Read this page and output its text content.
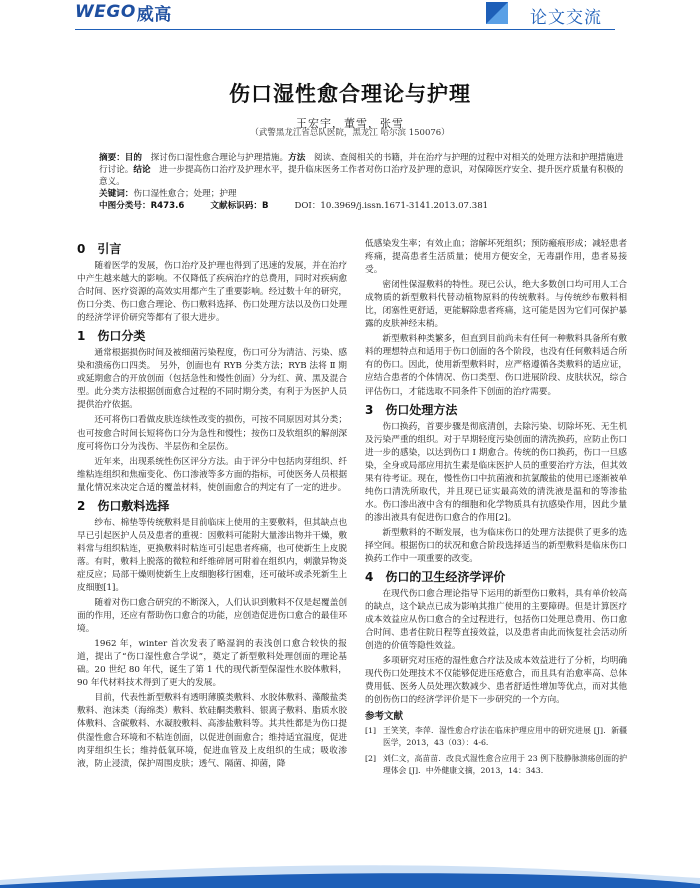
WEGO 威高	论文交流
伤口湿性愈合理论与护理
王宏宇，董雪，张雪
（武警黑龙江省总队医院，黑龙江 哈尔滨 150076）
摘要：目的　 探讨伤口湿性愈合理论与护理措施。方法　 阅读、查阅相关的书籍，并在治疗与护理的过程中对相关的处理方法和护理措施进行讨论。结论　 进一步提高伤口治疗及护理水平，提升临床医务工作者对伤口治疗及护理的意识，对保障医疗安全、提升医疗质量有积极的意义。
关键词：伤口湿性愈合；处理；护理
中图分类号：R473.6	文献标识码：B	DOI：10.3969/j.issn.1671-3141.2013.07.381
0　引言

随着医学的发展，伤口治疗及护理也得到了迅速的发展，并在治疗中产生越来越大的影响。不仅降低了疾病治疗的总费用，同时对疾病愈合时间、医疗资源的高效实用都产生了重要影响。经过数十年的研究，伤口分类、伤口愈合理论、伤口敷料选择、伤口处理方法以及伤口处理的经济学评价研究等都有了很大进步。

1　伤口分类

通常根据损伤时间及被细菌污染程度，伤口可分为清洁、污染、感染和溃疡伤口四类。　另外，创面也有 RYB 分类方法；RYB 法将 Ⅱ 期或延期愈合的开放创面（包括急性和慢性创面）分为红、黄、黑及混合型。此分类方法根据创面愈合过程的不同时期分类，有利于为医护人员提供治疗依据。

还可将伤口看做皮肤连续性改变的损伤，可按不同原因对其分类；也可按愈合时间长短将伤口分为急性和慢性；按伤口及软组织的解剖深度可将伤口分为浅伤、半层伤和全层伤。

近年来，出现系统性伤区评分方法。由于评分中包括肉芽组织、纤维粘连组织和焦痂变化、伤口渗液等多方面的指标，可使医务人员根据量化情况来决定合适的覆盖材料，使创面愈合的判定有了一定的进步。

2　伤口敷料选择

纱布、棉垫等传统敷料是目前临床上使用的主要敷料，但其缺点也早已引起医护人员及患者的重视：因敷料可能附大量渗出物并干燥，敷料常与组织粘连，更换敷料时粘连可引起患者疼痛，也可使新生上皮脱落。有时，敷料上脱落的微粒和纤维碎屑可附着在组织内，刺激异物炎症反应；局部干燥则使新生上皮细胞移行困难，还可破坏或杀死新生上皮细胞[1]。

随着对伤口愈合研究的不断深入，人们认识到敷料不仅是起覆盖创面的作用，还应有帮助伤口愈合的功能，应创造促进伤口愈合的最佳环境。

1962 年，winter 首次发表了略湿润的表浅创口愈合较快的报道，提出了“伤口湿性愈合学说”，奠定了新型敷料处理创面的理论基础。20 世纪 80 年代，诞生了第 1 代的现代新型保湿性水胶体敷料，90 年代材料技术得到了更大的发展。

目前，代表性新型敷料有透明薄膜类敷料、水胶体敷料、藻酸盐类敷料、泡沫类（海绵类）敷料、软硅酮类敷料、银离子敷料、脂质水胶体敷料、含碳敷料、水凝胶敷料、高渗盐敷料等。其共性都是为伤口提供湿性愈合环境和不粘连创面，以促进创面愈合；维持适宜温度，促进肉芽组织生长；维持低氧环境，促进血管及上皮组织的生成；吸收渗液，防止浸渍，保护周围皮肤；透气、隔菌、抑菌，降

低感染发生率；有效止血；溶解坏死组织；预防瘢痕形成；减轻患者疼痛，提高患者生活质量；使用方便安全，无毒副作用，患者易接受。

密闭性保湿敷料的特性。现已公认，绝大多数创口均可用人工合成物质的新型敷料代替动植物原料的传统敷料。与传统纱布敷料相比，闭塞性更舒适，更能解除患者疼痛，这可能是因为它们可保护暴露的皮肤神经末梢。

新型敷料种类繁多，但直到目前尚未有任何一种敷料具备所有敷料的理想特点和适用于伤口创面的各个阶段，也没有任何敷料适合所有的伤口。因此，使用新型敷料时，应严格遵循各类敷料的适应证，应结合患者的个体情况、伤口类型、伤口进展阶段、皮肤状况，综合评估伤口，才能选取不同条件下创面的治疗需要。

3　伤口处理方法

伤口换药，首要步骤是彻底清创，去除污染、切除坏死、无生机及污染严重的组织。对于早期轻度污染创面的清洗换药，应防止伤口进一步的感染，以达到伤口 Ⅰ 期愈合。传统的伤口换药，伤口一旦感染，全身或局部应用抗生素是临床医护人员的重要治疗方法，但其效果有待考证。现在，慢性伤口中抗菌液和抗氯酸盐的使用已逐渐被单纯伤口清洗所取代，并且现已证实最高效的清洗液是温和的等渗盐水。伤口渗出液中含有的细胞和化学物质具有抗感染作用，因此少量的渗出液具有促进伤口愈合的作用[2]。

新型敷料的不断发展，也为临床伤口的处理方法提供了更多的选择空间。根据伤口的状况和愈合阶段选择适当的新型敷料是临床伤口换药工作中一项重要的改变。

4　伤口的卫生经济学评价

在现代伤口愈合理论指导下运用的新型伤口敷料，具有单价较高的缺点，这个缺点已成为影响其推广使用的主要障碍。但是计算医疗成本效益应从伤口愈合的全过程进行，包括伤口处理总费用、伤口愈合时间、患者住院日程等直接效益，以及患者由此而恢复社会活动所创造的价值等隐性效益。

多项研究对压疮的湿性愈合疗法及成本效益进行了分析，均明确现代伤口处理技术不仅能够促进压疮愈合，而且具有治愈率高、总体费用低、医务人员处理次数减少、患者舒适性增加等优点，而对其他的创伤伤口的经济学评价是下一步研究的一个方向。

参考文献
[1] 王笑笑，李萍．湿性愈合疗法在临床护理应用中的研究进展 [J]．新疆医学，2013，43（03）：4-6.
[2] 刘仁文，高苗苗．改良式湿性愈合应用于 23 例下肢静脉溃疡创面的护理体会 [J]．中外健康文摘，2013，14：343.
